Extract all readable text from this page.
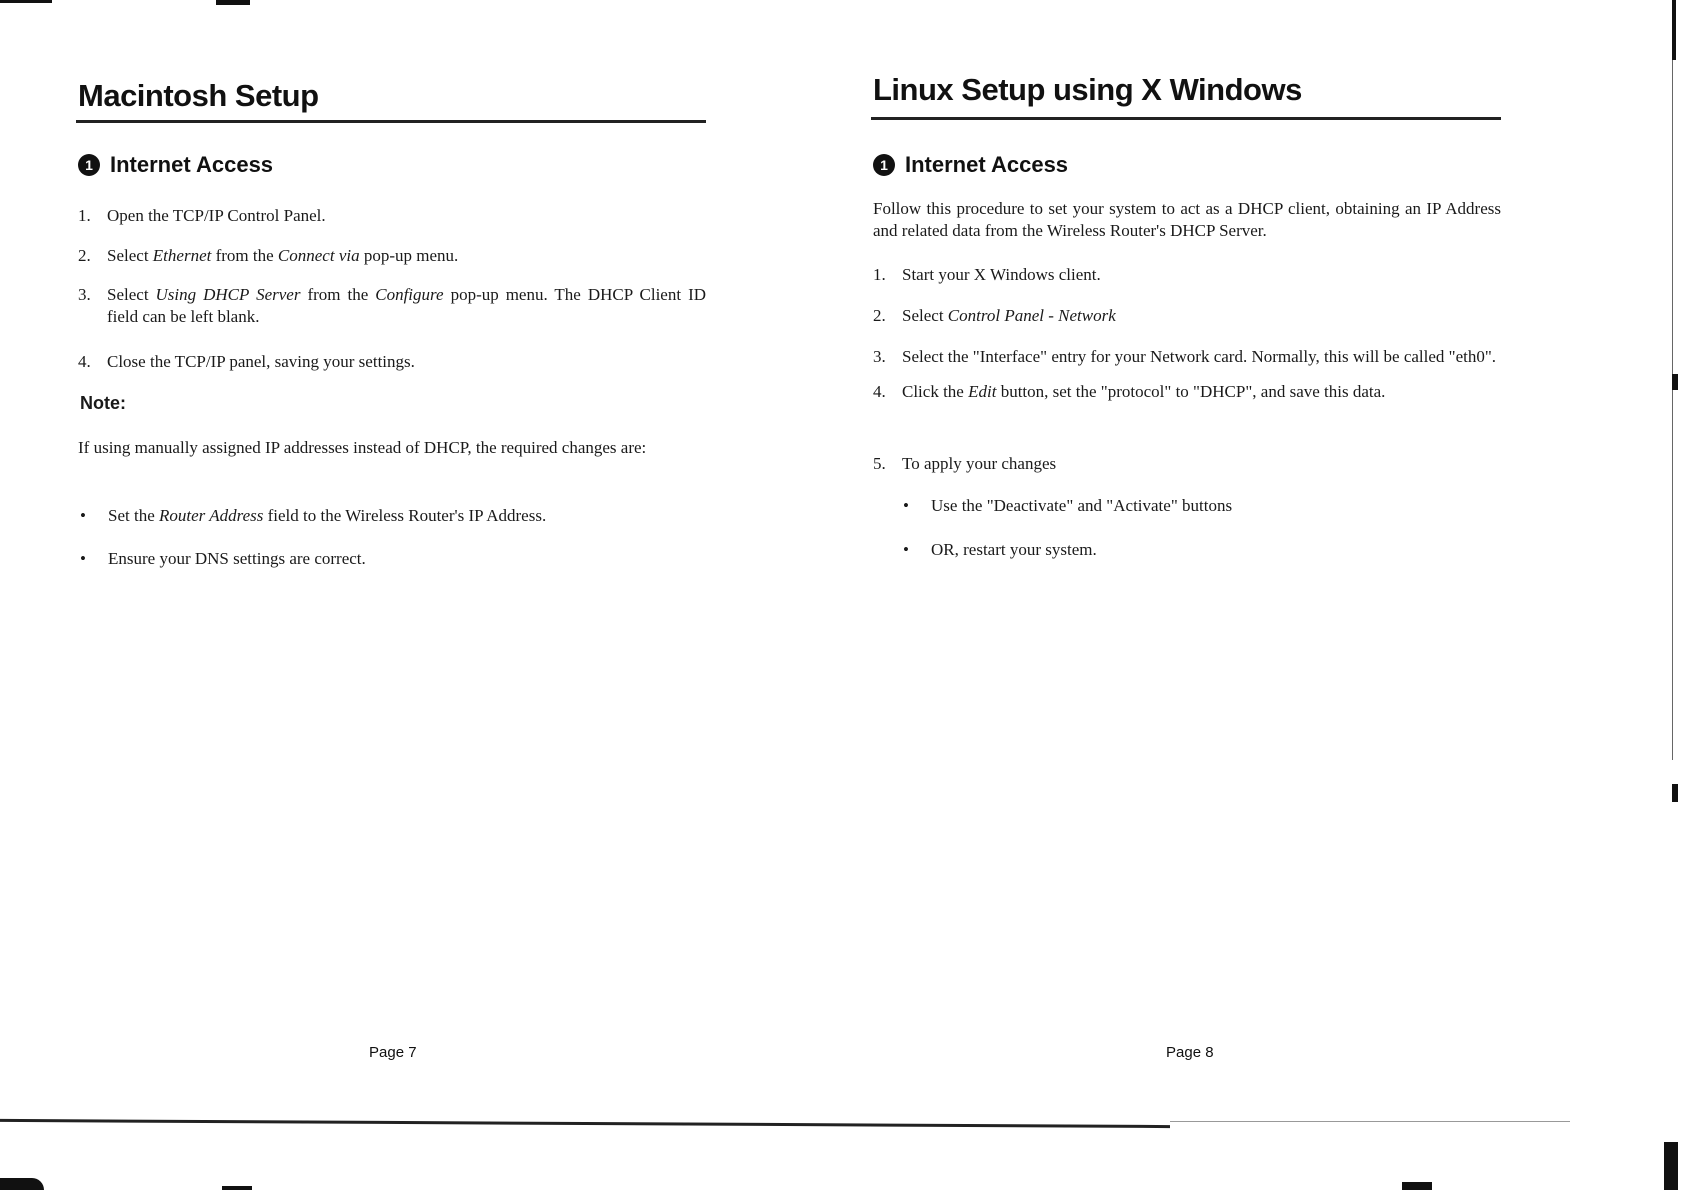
Macintosh Setup
1 Internet Access
1. Open the TCP/IP Control Panel.
2. Select Ethernet from the Connect via pop-up menu.
3. Select Using DHCP Server from the Configure pop-up menu. The DHCP Client ID field can be left blank.
4. Close the TCP/IP panel, saving your settings.
Note:
If using manually assigned IP addresses instead of DHCP, the required changes are:
• Set the Router Address field to the Wireless Router's IP Address.
• Ensure your DNS settings are correct.
Page 7
Linux Setup using X Windows
1 Internet Access
Follow this procedure to set your system to act as a DHCP client, obtaining an IP Address and related data from the Wireless Router's DHCP Server.
1. Start your X Windows client.
2. Select Control Panel - Network
3. Select the "Interface" entry for your Network card. Normally, this will be called "eth0".
4. Click the Edit button, set the "protocol" to "DHCP", and save this data.
5. To apply your changes
• Use the "Deactivate" and "Activate" buttons
• OR, restart your system.
Page 8
